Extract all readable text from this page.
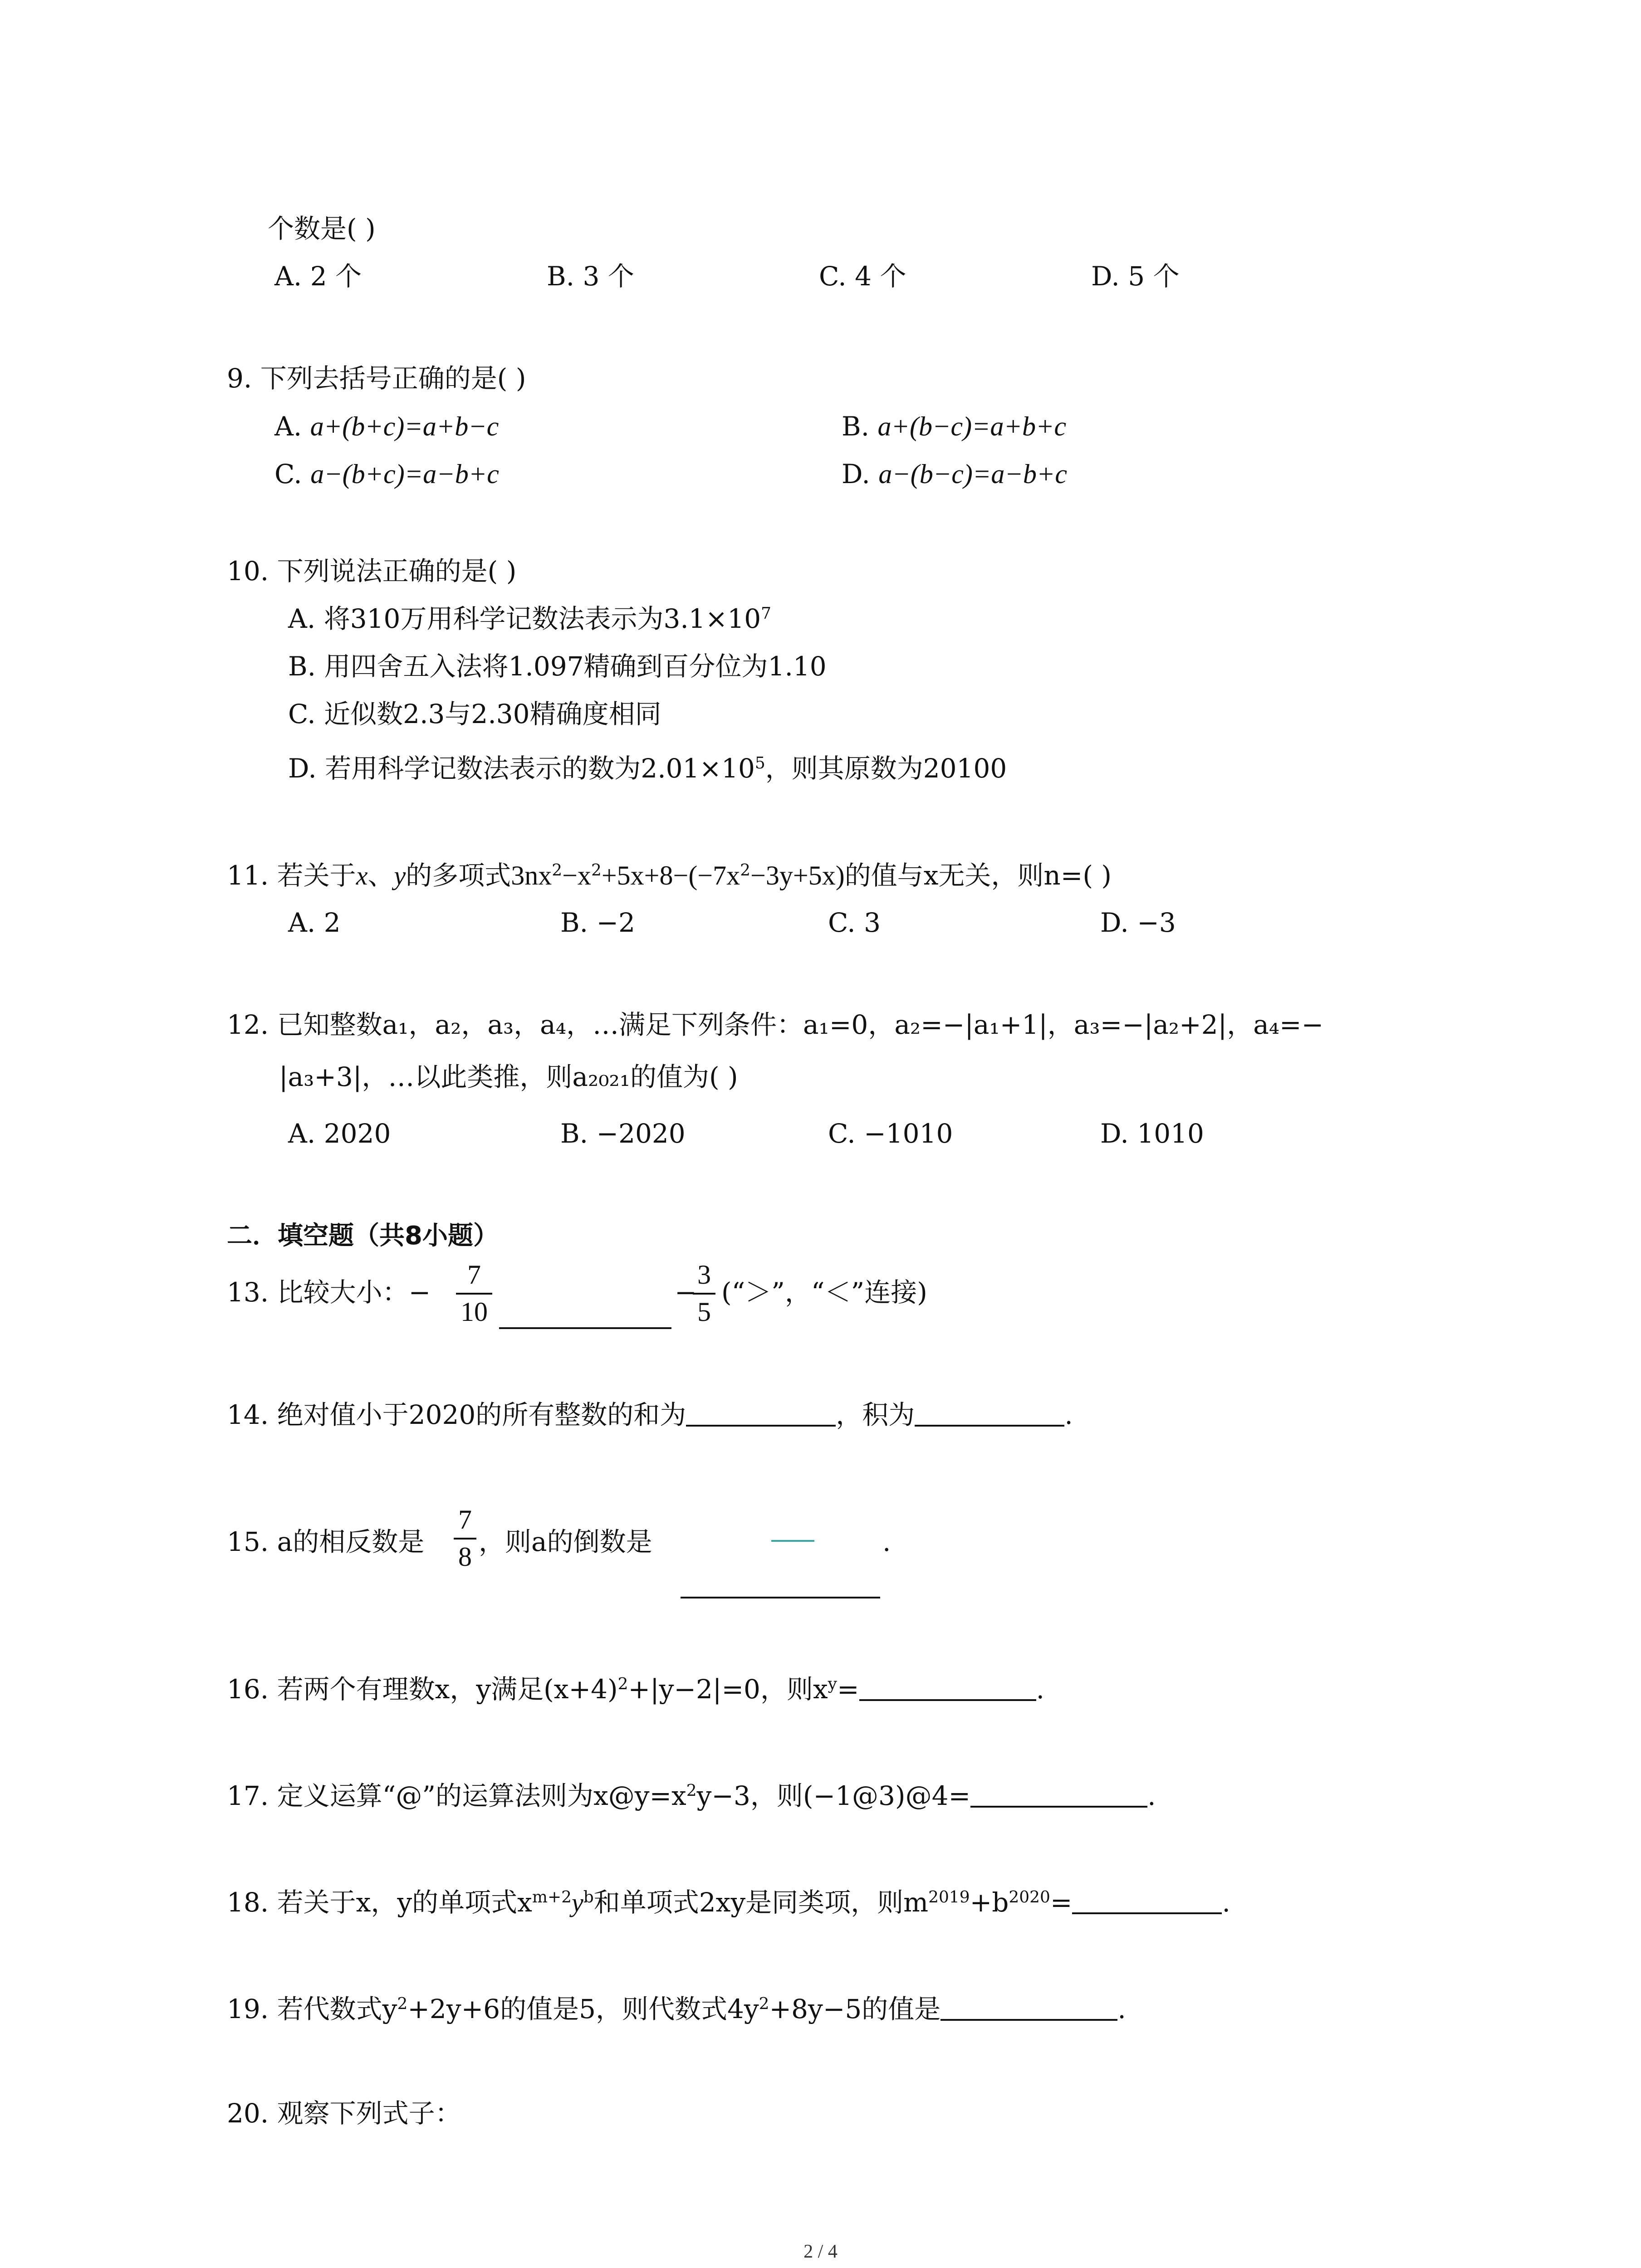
个数是( )
A. 2 个	B. 3 个	C. 4 个	D. 5 个
9. 下列去括号正确的是( )
A. a+(b+c)=a+b−c	B. a+(b−c)=a+b+c
C. a−(b+c)=a−b+c	D. a−(b−c)=a−b+c
10. 下列说法正确的是( )
A. 将310万用科学记数法表示为$3.1\times 10^7$
B. 用四舍五入法将1.097精确到百分位为1.10
C. 近似数2.3与2.30精确度相同
D. 若用科学记数法表示的数为$2.01\times 10^5$，则其原数为20100
11. 若关于x、y的多项式$3nx^2-x^2+5x+8-(-7x^2-3y+5x)$的值与x无关，则n=( )
A. 2	B. −2	C. 3	D. −3
12. 已知整数a₁，a₂，a₃，a₄，…满足下列条件：a₁=0，a₂=−|a₁+1|，a₃=−|a₂+2|，a₄=−
|a₃+3|，…以此类推，则a₂₀₂₁的值为( )
A. 2020	B. −2020	C. −1010	D. 1010
二．填空题（共8小题）
13. 比较大小：−
7
10
−
3
5
(“＞”，“＜”连接)
14. 绝对值小于2020的所有整数的和为	，积为	.
15. a的相反数是
7
8 ，则a的倒数是	.
16. 若两个有理数x，y满足$(x+4)^2+|y-2|=0$，则$x^y=$	.
17. 定义运算“@”的运算法则为$x@y=x^2y-3$，则(−1@3)@4=	.
18. 若关于x，y的单项式$x^{m+2}y^b$和单项式2xy是同类项，则$m^{2019}+b^{2020}=$	.
19. 若代数式$y^2+2y+6$的值是5，则代数式$4y^2+8y-5$的值是	.
20. 观察下列式子：
2 / 4
